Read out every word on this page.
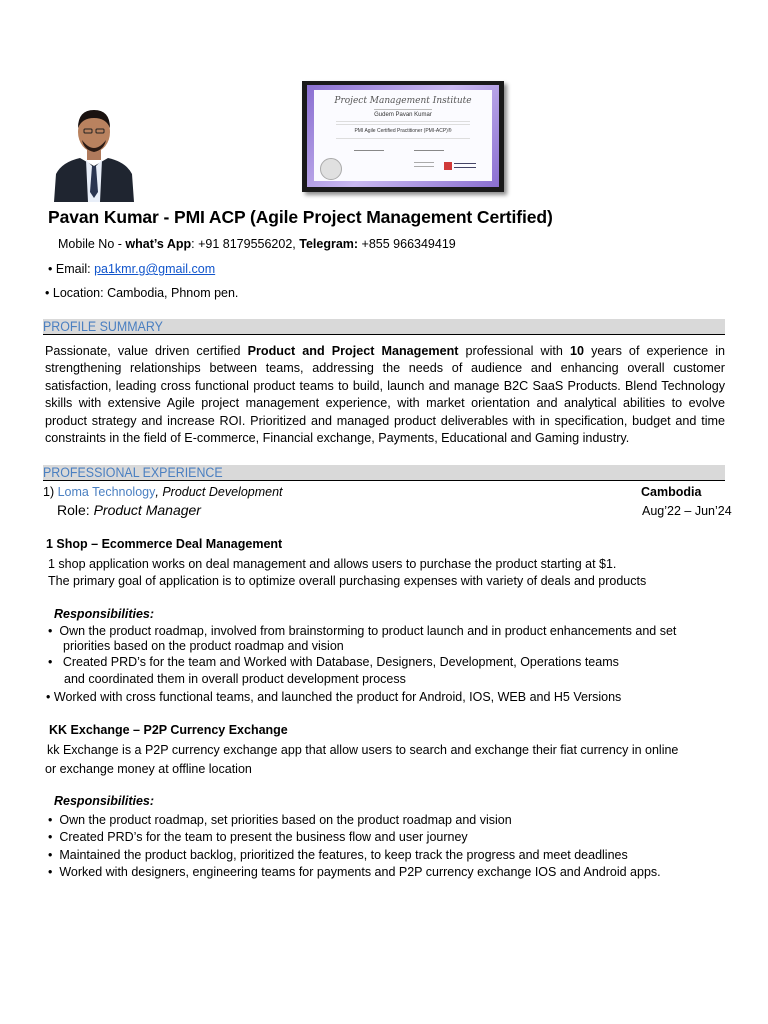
Project Management Institute
Gudem Pavan Kumar
PMI Agile Certified Practitioner (PMI-ACP)®
Pavan Kumar - PMI ACP (Agile Project Management Certified)
Mobile No - what’s App: +91 8179556202, Telegram: +855 966349419
• Email: pa1kmr.g@gmail.com
• Location: Cambodia, Phnom pen.
PROFILE SUMMARY
Passionate, value driven certified Product and Project Management professional with 10 years of experience in strengthening relationships between teams, addressing the needs of audience and enhancing overall customer satisfaction, leading cross functional product teams to build, launch and manage B2C SaaS Products. Blend Technology skills with extensive Agile project management experience, with market orientation and analytical abilities to evolve product strategy and increase ROI. Prioritized and managed product deliverables with in specification, budget and time constraints in the field of E-commerce, Financial exchange, Payments, Educational and Gaming industry.
PROFESSIONAL EXPERIENCE
1) Loma Technology, Product Development	Cambodia
Role: Product Manager	Aug’22 – Jun’24
1 Shop – Ecommerce Deal Management
1 shop application works on deal management and allows users to purchase the product starting at $1.
The primary goal of application is to optimize overall purchasing expenses with variety of deals and products
Responsibilities:
• Own the product roadmap, involved from brainstorming to product launch and in product enhancements and set
priorities based on the product roadmap and vision
• Created PRD’s for the team and Worked with Database, Designers, Development, Operations teams
and coordinated them in overall product development process
• Worked with cross functional teams, and launched the product for Android, IOS, WEB and H5 Versions
KK Exchange – P2P Currency Exchange
kk Exchange is a P2P currency exchange app that allow users to search and exchange their fiat currency in online
or exchange money at offline location
Responsibilities:
• Own the product roadmap, set priorities based on the product roadmap and vision
• Created PRD’s for the team to present the business flow and user journey
• Maintained the product backlog, prioritized the features, to keep track the progress and meet deadlines
• Worked with designers, engineering teams for payments and P2P currency exchange IOS and Android apps.
